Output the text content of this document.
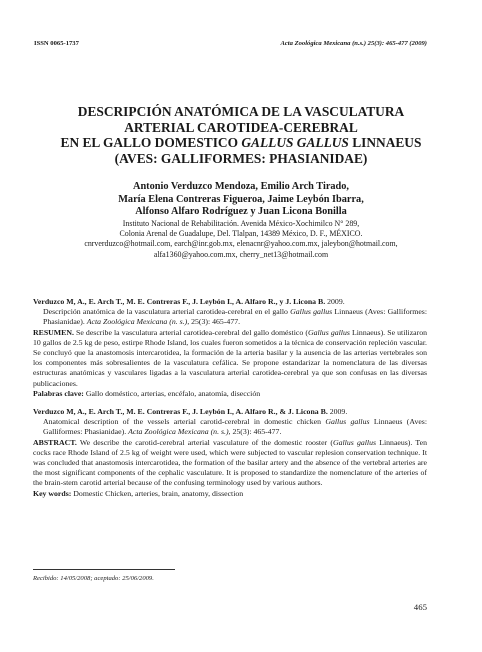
ISSN 0065-1737	Acta Zoológica Mexicana (n.s.) 25(3): 465-477 (2009)
DESCRIPCIÓN ANATÓMICA DE LA VASCULATURA
ARTERIAL CAROTIDEA-CEREBRAL
EN EL GALLO DOMESTICO GALLUS GALLUS LINNAEUS
(AVES: GALLIFORMES: PHASIANIDAE)
Antonio Verduzco Mendoza, Emilio Arch Tirado,
María Elena Contreras Figueroa, Jaime Leybón Ibarra,
Alfonso Alfaro Rodríguez y Juan Licona Bonilla
Instituto Nacional de Rehabilitación. Avenida México-Xochimilco N° 289,
Colonia Arenal de Guadalupe, Del. Tlalpan, 14389 México, D. F., MÉXICO.
cnrverduzco@hotmail.com, earch@inr.gob.mx, elenacnr@yahoo.com.mx, jaleybon@hotmail.com,
alfa1360@yahoo.com.mx, cherry_net13@hotmail.com

Verduzco M, A., E. Arch T., M. E. Contreras F., J. Leybón I., A. Alfaro R., y J. Licona B. 2009.
Descripción anatómica de la vasculatura arterial carotidea-cerebral en el gallo Gallus gallus Linnaeus (Aves: Galliformes: Phasianidae). Acta Zoológica Mexicana (n. s.), 25(3): 465-477.

RESUMEN. Se describe la vasculatura arterial carotidea-cerebral del gallo doméstico (Gallus gallus Linnaeus). Se utilizaron 10 gallos de 2.5 kg de peso, estirpe Rhode Island, los cuales fueron sometidos a la técnica de conservación repleción vascular. Se concluyó que la anastomosis intercarotidea, la formación de la arteria basilar y la ausencia de las arterias vertebrales son los componentes más sobresalientes de la vasculatura cefálica. Se propone estandarizar la nomenclatura de las diversas estructuras anatómicas y vasculares ligadas a la vasculatura arterial carotidea-cerebral ya que son confusas en las diversas publicaciones.

Palabras clave: Gallo doméstico, arterias, encéfalo, anatomía, disección

Verduzco M, A., E. Arch T., M. E. Contreras F., J. Leybón I., A. Alfaro R., & J. Licona B. 2009.
Anatomical description of the vessels arterial carotid-cerebral in domestic chicken Gallus gallus Linnaeus (Aves: Galliformes: Phasianidae). Acta Zoológica Mexicana (n. s.), 25(3): 465-477.

ABSTRACT. We describe the carotid-cerebral arterial vasculature of the domestic rooster (Gallus gallus Linnaeus). Ten cocks race Rhode Island of 2.5 kg of weight were used, which were subjected to vascular replesion conservation technique. It was concluded that anastomosis intercarotidea, the formation of the basilar artery and the absence of the vertebral arteries are the most significant components of the cephalic vasculature. It is proposed to standardize the nomenclature of the arteries of the brain-stem carotid arterial because of the confusing terminology used by various authors.

Key words: Domestic Chicken, arteries, brain, anatomy, dissection

Recibido: 14/05/2008; aceptado: 25/06/2009.
465
